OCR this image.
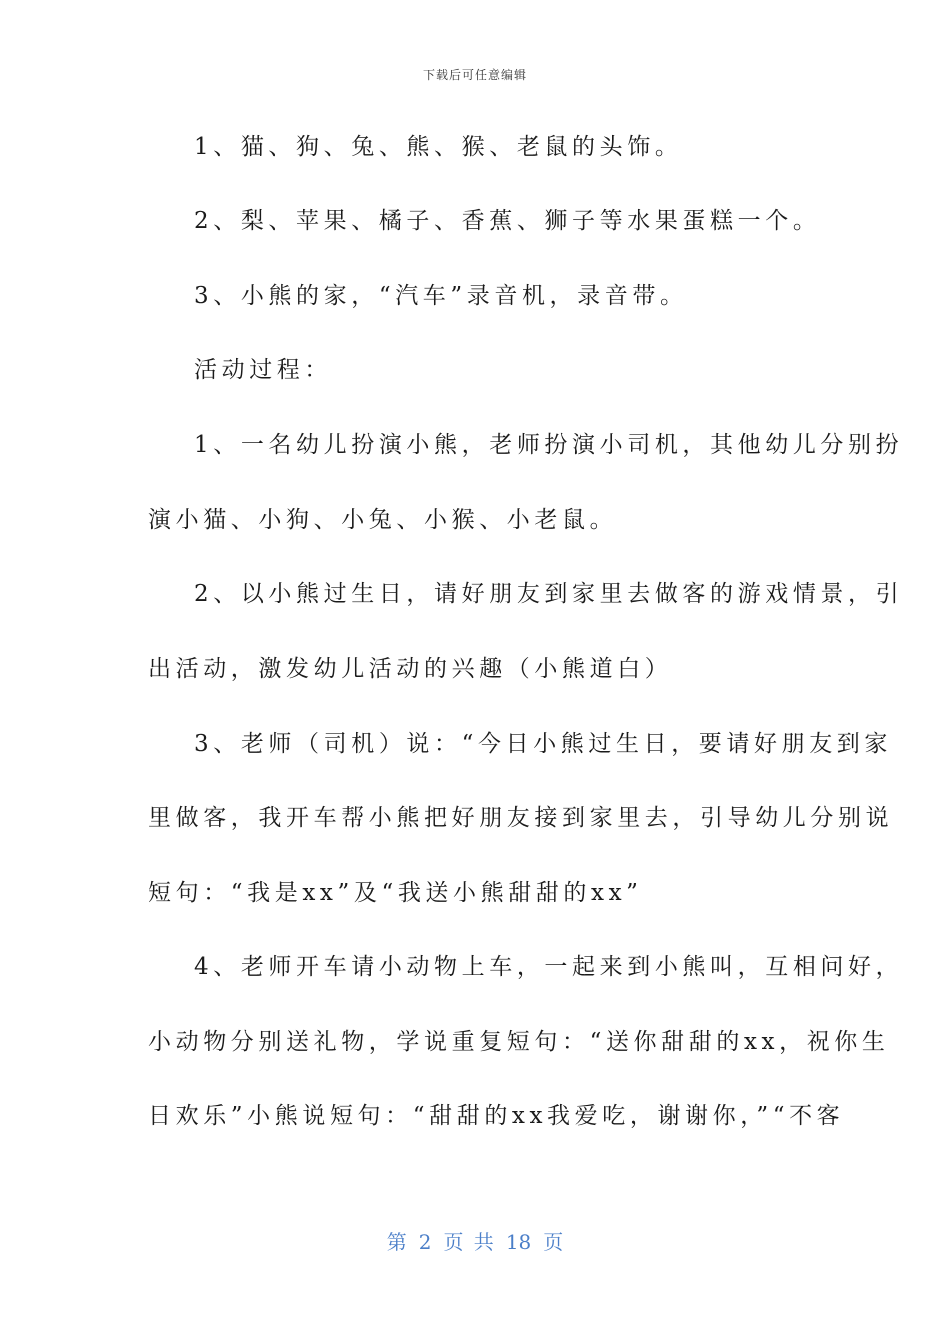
下载后可任意编辑
1、猫、狗、兔、熊、猴、老鼠的头饰。
2、梨、苹果、橘子、香蕉、狮子等水果蛋糕一个。
3、小熊的家，“汽车”录音机，录音带。
活动过程：
1、一名幼儿扮演小熊，老师扮演小司机，其他幼儿分别扮
演小猫、小狗、小兔、小猴、小老鼠。
2、以小熊过生日，请好朋友到家里去做客的游戏情景，引
出活动，激发幼儿活动的兴趣（小熊道白）
3、老师（司机）说：“今日小熊过生日，要请好朋友到家
里做客，我开车帮小熊把好朋友接到家里去，引导幼儿分别说
短句：“我是xx”及“我送小熊甜甜的xx”
4、老师开车请小动物上车，一起来到小熊叫，互相问好，
小动物分别送礼物，学说重复短句：“送你甜甜的xx，祝你生
日欢乐”小熊说短句：“甜甜的xx我爱吃，谢谢你，”“不客
第 2 页 共 18 页
